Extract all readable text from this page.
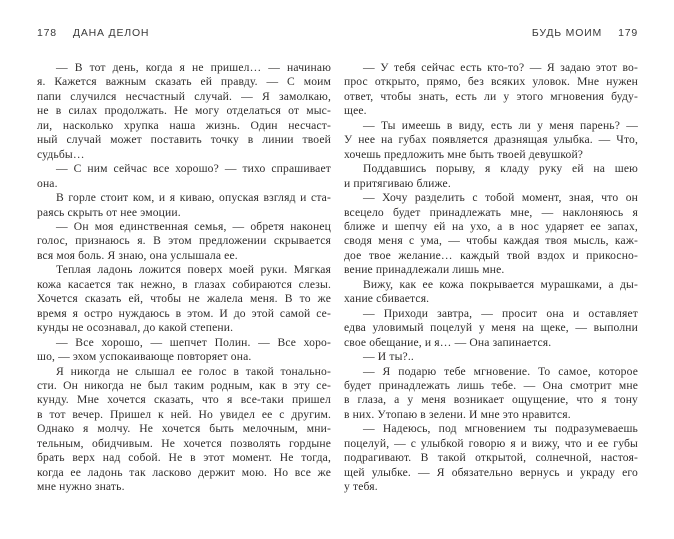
178 ДАНА ДЕЛОН
— В тот день, когда я не пришел… — начинаю
я. Кажется важным сказать ей правду. — С моим
папи случился несчастный случай. — Я замолкаю,
не в силах продолжать. Не могу отделаться от мыс-
ли, насколько хрупка наша жизнь. Один несчаст-
ный случай может поставить точку в линии твоей
судьбы…
— С ним сейчас все хорошо? — тихо спрашивает
она.
В горле стоит ком, и я киваю, опуская взгляд и ста-
раясь скрыть от нее эмоции.
— Он моя единственная семья, — обретя наконец
голос, признаюсь я. В этом предложении скрывается
вся моя боль. Я знаю, она услышала ее.
Теплая ладонь ложится поверх моей руки. Мягкая
кожа касается так нежно, в глазах собираются слезы.
Хочется сказать ей, чтобы не жалела меня. В то же
время я остро нуждаюсь в этом. И до этой самой се-
кунды не осознавал, до какой степени.
— Все хорошо, — шепчет Полин. — Все хоро-
шо, — эхом успокаивающе повторяет она.
Я никогда не слышал ее голос в такой тонально-
сти. Он никогда не был таким родным, как в эту се-
кунду. Мне хочется сказать, что я все-таки пришел
в тот вечер. Пришел к ней. Но увидел ее с другим.
Однако я молчу. Не хочется быть мелочным, мни-
тельным, обидчивым. Не хочется позволять гордыне
брать верх над собой. Не в этот момент. Не тогда,
когда ее ладонь так ласково держит мою. Но все же
мне нужно знать.
БУДЬ МОИМ 179
— У тебя сейчас есть кто-то? — Я задаю этот во-
прос открыто, прямо, без всяких уловок. Мне нужен
ответ, чтобы знать, есть ли у этого мгновения буду-
щее.
— Ты имеешь в виду, есть ли у меня парень? —
У нее на губах появляется дразнящая улыбка. — Что,
хочешь предложить мне быть твоей девушкой?
Поддавшись порыву, я кладу руку ей на шею
и притягиваю ближе.
— Хочу разделить с тобой момент, зная, что он
всецело будет принадлежать мне, — наклоняюсь я
ближе и шепчу ей на ухо, а в нос ударяет ее запах,
сводя меня с ума, — чтобы каждая твоя мысль, каж-
дое твое желание… каждый твой вздох и прикосно-
вение принадлежали лишь мне.
Вижу, как ее кожа покрывается мурашками, а ды-
хание сбивается.
— Приходи завтра, — просит она и оставляет
едва уловимый поцелуй у меня на щеке, — выполни
свое обещание, и я… — Она запинается.
— И ты?..
— Я подарю тебе мгновение. То самое, которое
будет принадлежать лишь тебе. — Она смотрит мне
в глаза, а у меня возникает ощущение, что я тону
в них. Утопаю в зелени. И мне это нравится.
— Надеюсь, под мгновением ты подразумеваешь
поцелуй, — с улыбкой говорю я и вижу, что и ее губы
подрагивают. В такой открытой, солнечной, настоя-
щей улыбке. — Я обязательно вернусь и украду его
у тебя.
